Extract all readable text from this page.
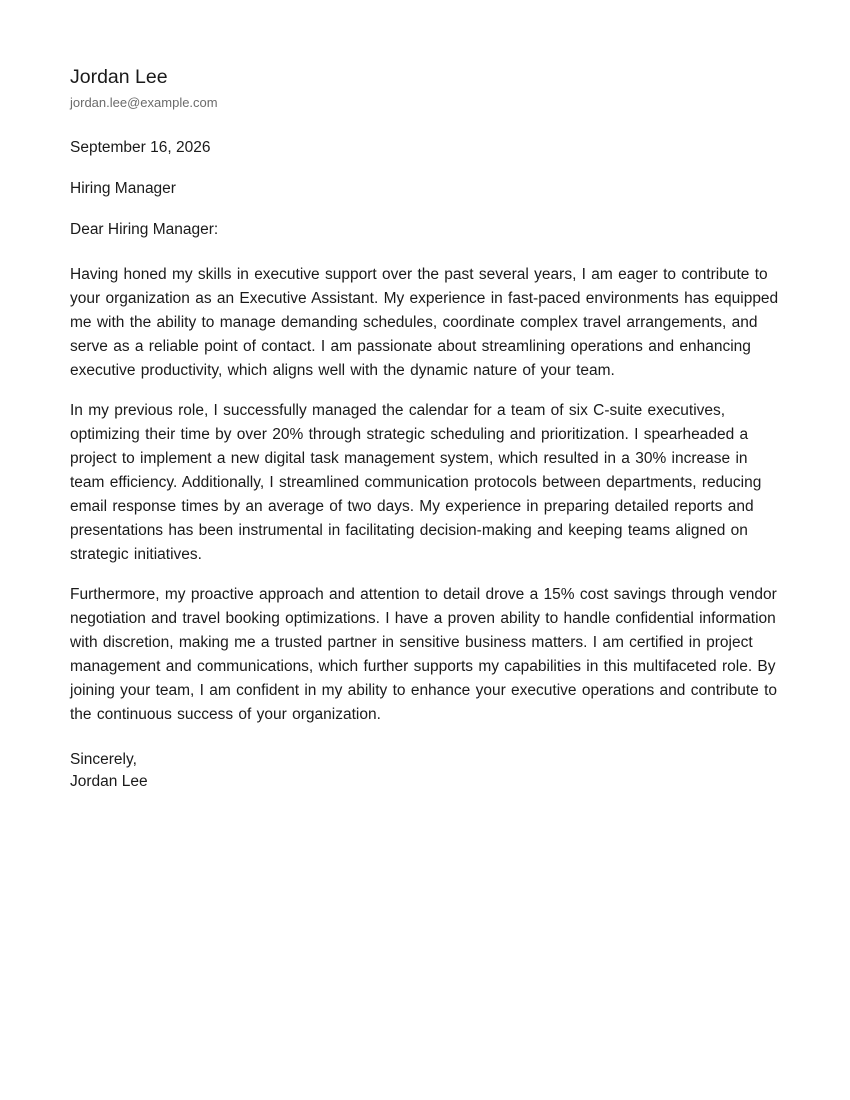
Jordan Lee
jordan.lee@example.com
September 16, 2026
Hiring Manager
Dear Hiring Manager:

Having honed my skills in executive support over the past several years, I am eager to contribute to your organization as an Executive Assistant. My experience in fast-paced environments has equipped me with the ability to manage demanding schedules, coordinate complex travel arrangements, and serve as a reliable point of contact. I am passionate about streamlining operations and enhancing executive productivity, which aligns well with the dynamic nature of your team.

In my previous role, I successfully managed the calendar for a team of six C-suite executives, optimizing their time by over 20% through strategic scheduling and prioritization. I spearheaded a project to implement a new digital task management system, which resulted in a 30% increase in team efficiency. Additionally, I streamlined communication protocols between departments, reducing email response times by an average of two days. My experience in preparing detailed reports and presentations has been instrumental in facilitating decision-making and keeping teams aligned on strategic initiatives.

Furthermore, my proactive approach and attention to detail drove a 15% cost savings through vendor negotiation and travel booking optimizations. I have a proven ability to handle confidential information with discretion, making me a trusted partner in sensitive business matters. I am certified in project management and communications, which further supports my capabilities in this multifaceted role. By joining your team, I am confident in my ability to enhance your executive operations and contribute to the continuous success of your organization.

Sincerely,
Jordan Lee
